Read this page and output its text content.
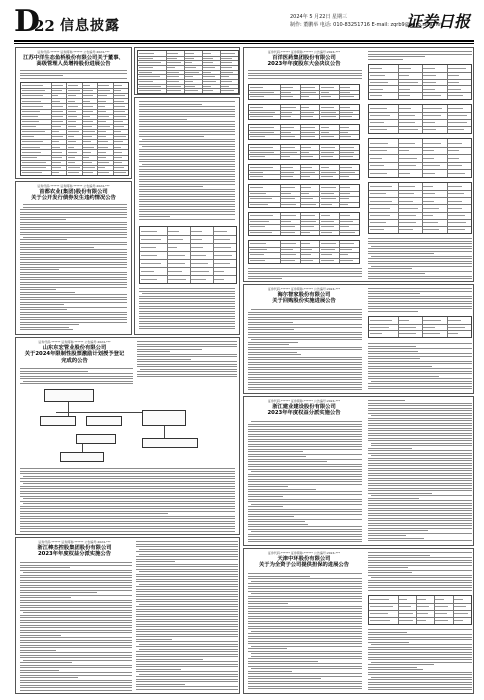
D
22 信息披露
2024年 5 月22日 星期三
制作: 董鹏举 电话: 010-83251716 E-mail: zqrb9@zqrb.sina.net
证券日报
证券代码:****** 证券简称:****** 公告编号:2024-***
江苏中洋生态鱼桥股份有限公司关于董事、
高级管理人员增持股份进展公告
证券代码:****** 证券简称:****** 公告编号:2024-***
首都农业(集团)股份有限公司
关于公开发行债券发生违约情况公告
证券代码:****** 证券简称:****** 公告编号:2024-***
山东东宏管业股份有限公司
关于2024年限制性股票激励计划授予登记
完成的公告
证券代码:****** 证券简称:****** 公告编号:2024-***
浙江棒杰控股集团股份有限公司
2023年年度权益分派实施公告
证券代码:****** 证券简称:****** 公告编号:2024-***
百洋医药集团股份有限公司
2023年年度股东大会决议公告
证券代码:****** 证券简称:****** 公告编号:2024-***
海尔智家股份有限公司
关于回购股份实施进展公告
证券代码:****** 证券简称:****** 公告编号:2024-***
浙江建业建设股份有限公司
2023年年度权益分派实施公告
证券代码:****** 证券简称:****** 公告编号:2024-***
天津中环股份有限公司
关于为全资子公司提供担保的进展公告
